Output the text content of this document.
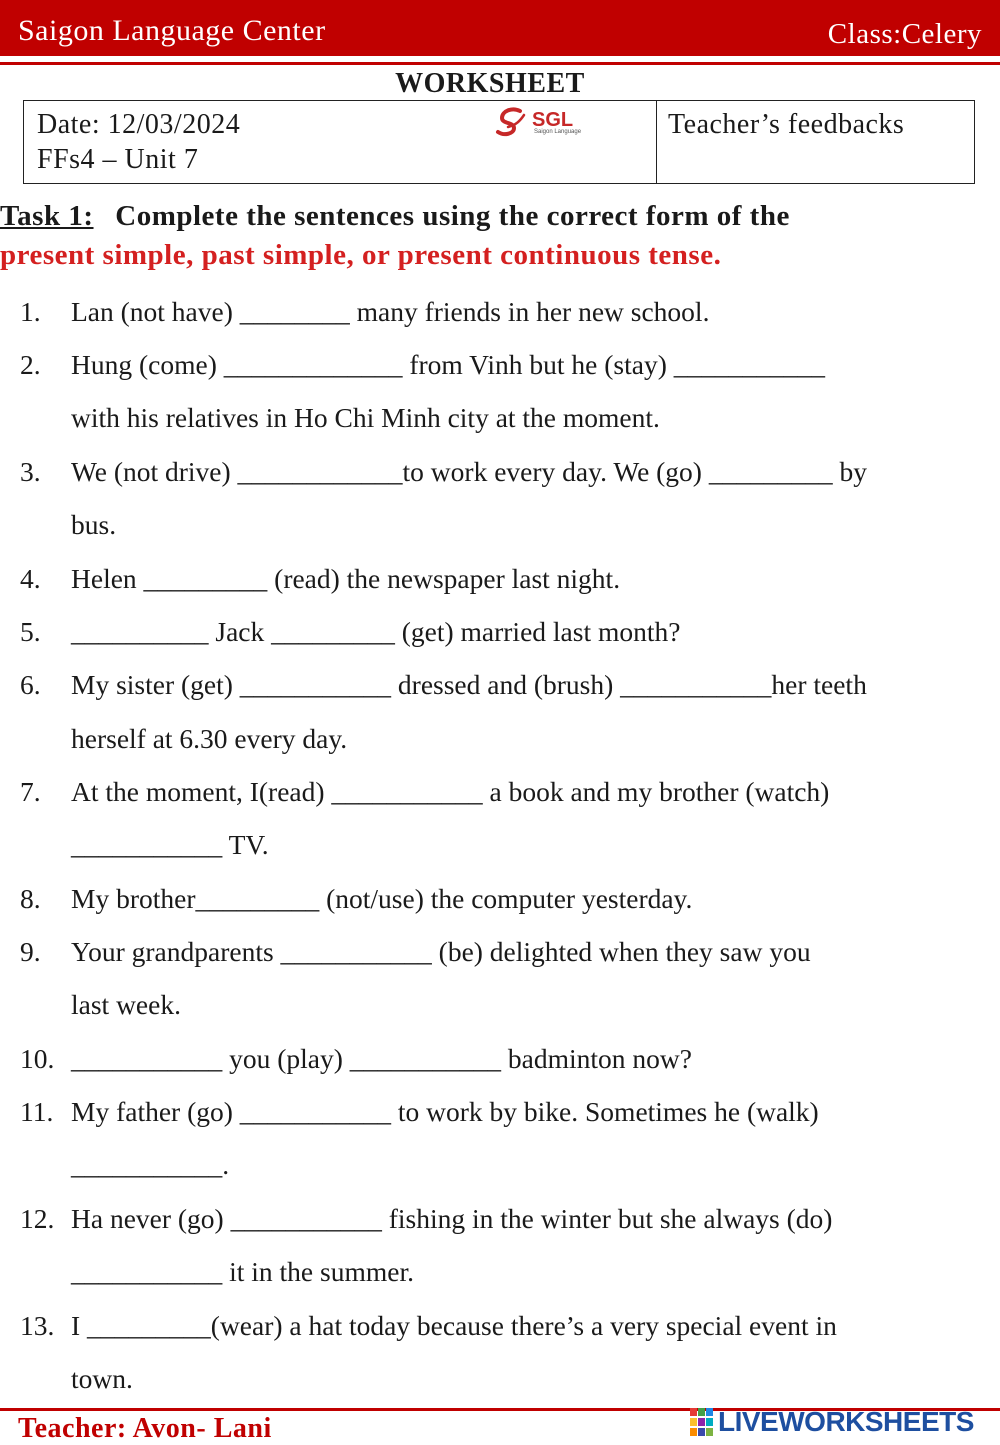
Saigon Language Center	Class:Celery
WORKSHEET
Date: 12/03/2024
FFs4 – Unit 7
SGL
Saigon Language	Teacher’s feedbacks
Task 1: Complete the sentences using the correct form of the
present simple, past simple, or present continuous tense.
1. Lan (not have) ________ many friends in her new school.
2. Hung (come) _____________ from Vinh but he (stay) ___________
with his relatives in Ho Chi Minh city at the moment.
3. We (not drive) ____________to work every day. We (go) _________ by
bus.
4. Helen _________ (read) the newspaper last night.
5. __________ Jack _________ (get) married last month?
6. My sister (get) ___________ dressed and (brush) ___________her teeth
herself at 6.30 every day.
7. At the moment, I(read) ___________ a book and my brother (watch)
___________ TV.
8. My brother_________ (not/use) the computer yesterday.
9. Your grandparents ___________ (be) delighted when they saw you
last week.
10. ___________ you (play) ___________ badminton now?
11. My father (go) ___________ to work by bike. Sometimes he (walk)
___________.
12. Ha never (go) ___________ fishing in the winter but she always (do)
___________ it in the summer.
13. I _________(wear) a hat today because there’s a very special event in
town.
Teacher: Avon- Lani	LIVEWORKSHEETS
